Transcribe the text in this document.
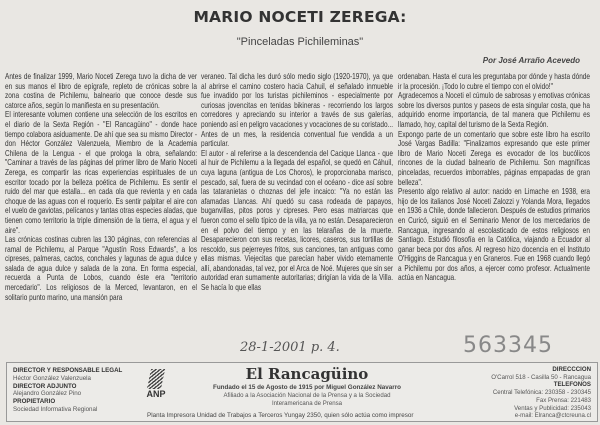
MARIO NOCETI ZEREGA:
"Pinceladas Pichileminas"
Por José Arraño Acevedo

Antes de finalizar 1999, Mario Noceti Zerega tuvo la dicha de ver en sus manos el libro de epígrafe, repleto de crónicas sobre la zona costina de Pichilemu, balneario que conoce desde sus catorce años, según lo manifiesta en su presentación.

El interesante volumen contiene una selección de los escritos en el diario de la Sexta Región - "El Rancagüino" - donde hace tiempo colabora asiduamente. De ahí que sea su mismo Director - don Héctor González Valenzuela, Miembro de la Academia Chilena de la Lengua - el que prologa la obra, señalando: "Caminar a través de las páginas del primer libro de Mario Noceti Zerega, es compartir las ricas experiencias espirituales de un escritor tocado por la belleza poética de Pichilemu. Es sentir el ruido del mar que estalla... en cada ola que revienta y en cada choque de las aguas con el roquerío. Es sentir palpitar el aire con el vuelo de gaviotas, pelícanos y tantas otras especies aladas, que tienen como territorio la triple dimensión de la tierra, el agua y el aire".

Las crónicas costinas cubren las 130 páginas, con referencias al ramal de Pichilemu, al Parque "Agustín Ross Edwards", a los cipreses, palmeras, cactos, conchales y lagunas de agua dulce y salada de agua dulce y salada de la zona. En forma especial, recuerda a Punta de Lobos, cuando éste era "territorio mercedario". Los religiosos de la Merced, levantaron, en el solitario punto marino, una mansión para

veraneo. Tal dicha les duró sólo medio siglo (1920-1970), ya que al abrirse el camino costero hacia Cahuil, el señalado inmueble fue invadido por los turistas pichileminos - especialmente por curiosas jovencitas en tenidas bikineras - recorriendo los largos corredores y apreciando su interior a través de sus galerías, poniendo así en peligro vacaciones y vocaciones de su coristado... Antes de un mes, la residencia conventual fue vendida a un particular.

El autor - al referirse a la descendencia del Cacique Llanca - que al huir de Pichilemu a la llegada del español, se quedó en Cáhuil, cuya laguna (antigua de Los Choros), le proporcionaba marisco, pescado, sal, fuera de su vecindad con el océano - dice así sobre las tataranietas o choznas del jefe incaico: "Ya no están las afamadas Llancas. Ahí quedó su casa rodeada de papayos, buganvillas, pitos poros y cipreses. Pero esas matriarcas que fueron como el sello típico de la villa, ya no están. Desaparecieron en el polvo del tiempo y en las telarañas de la muerte. Desaparecieron con sus recetas, licores, caseros, sus tortillas de rescoldo, sus pejerreyes fritos, sus canciones, tan antiguas como ellas mismas. Viejecitas que parecían haber vivido eternamente allí, abandonadas, tal vez, por el Arca de Noé. Mujeres que sin ser autoridad eran sumamente autoritarias; dirigían la vida de la Villa. Se hacía lo que ellas

ordenaban. Hasta el cura les preguntaba por dónde y hasta dónde ir la procesión. ¡Todo lo cubre el tiempo con el olvido!"

Agradecemos a Noceti el cúmulo de sabrosas y emotivas crónicas sobre los diversos puntos y paseos de esta singular costa, que ha adquirido enorme importancia, de tal manera que Pichilemu es llamado, hoy, capital del turismo de la Sexta Región.

Expongo parte de un comentario que sobre este libro ha escrito José Vargas Badilla: "Finalizamos expresando que este primer libro de Mario Noceti Zerega es evocador de los bucólicos rincones de la ciudad balneario de Pichilemu. Son magníficas pinceladas, recuerdos imborrables, páginas empapadas de gran belleza".

Presento algo relativo al autor: nacido en Limache en 1938, era hijo de los italianos José Noceti Zalozzi y Yolanda Mora, llegados en 1936 a Chile, donde fallecieron. Después de estudios primarios en Curicó, siguió en el Seminario Menor de los mercedarios de Rancagua, ingresando al escolasticado de estos religiosos en Santiago. Estudió filosofía en la Católica, viajando a Ecuador al ganar beca por dos años. Al regreso hizo docencia en el Instituto O'Higgins de Rancagua y en Graneros. Fue en 1968 cuando llegó a Pichilemu por dos años, a ejercer como profesor. Actualmente actúa en Nancagua.

28-1-2001 p. 4.	563345
DIRECTOR Y RESPONSABLE LEGAL
Héctor González Valenzuela
DIRECTOR ADJUNTO
Alejandro González Pino
PROPIETARIO
Sociedad Informativa Regional
ANP
El Rancagüino
Fundado el 15 de Agosto de 1915 por Miguel González Navarro
Afiliado a la Asociación Nacional de la Prensa y a la Sociedad
Interamericana de Prensa
Planta Impresora Unidad de Trabajos a Terceros Yungay 2350, quien sólo actúa como impresor
DIRECCCION
O'Carrol 518 - Casilla 50 - Rancagua
TELEFONOS
Central Telefónica: 230358 - 230345
Fax Prensa: 221483
Ventas y Publicidad: 235043
e-mail: Elranca@ctcreuna.cl
